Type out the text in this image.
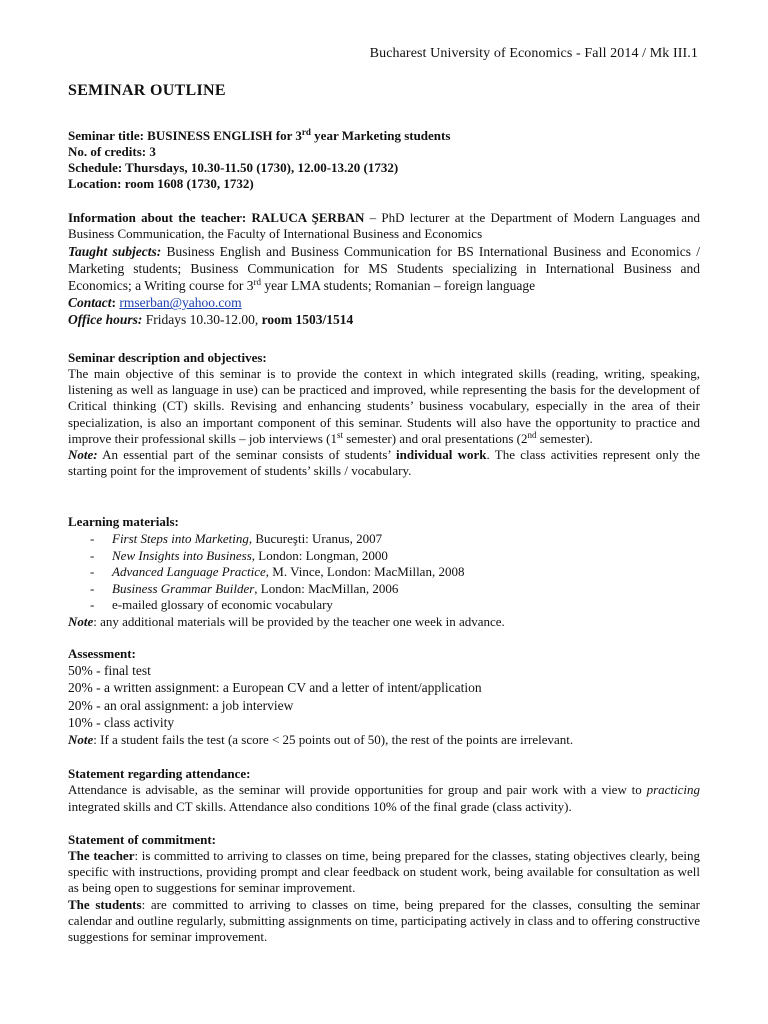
Bucharest University of Economics - Fall 2014 / Mk III.1
SEMINAR OUTLINE
Seminar title: BUSINESS ENGLISH for 3rd year Marketing students
No. of credits: 3
Schedule: Thursdays, 10.30-11.50 (1730), 12.00-13.20 (1732)
Location: room 1608 (1730, 1732)
Information about the teacher: RALUCA ŞERBAN – PhD lecturer at the Department of Modern Languages and Business Communication, the Faculty of International Business and Economics
Taught subjects: Business English and Business Communication for BS International Business and Economics / Marketing students; Business Communication for MS Students specializing in International Business and Economics; a Writing course for 3rd year LMA students; Romanian – foreign language
Contact: rmserban@yahoo.com
Office hours: Fridays 10.30-12.00, room 1503/1514
Seminar description and objectives:
The main objective of this seminar is to provide the context in which integrated skills (reading, writing, speaking, listening as well as language in use) can be practiced and improved, while representing the basis for the development of Critical thinking (CT) skills. Revising and enhancing students’ business vocabulary, especially in the area of their specialization, is also an important component of this seminar. Students will also have the opportunity to practice and improve their professional skills – job interviews (1st semester) and oral presentations (2nd semester).
Note: An essential part of the seminar consists of students’ individual work. The class activities represent only the starting point for the improvement of students’ skills / vocabulary.
Learning materials:
- First Steps into Marketing, Bucureşti: Uranus, 2007
- New Insights into Business, London: Longman, 2000
- Advanced Language Practice, M. Vince, London: MacMillan, 2008
- Business Grammar Builder, London: MacMillan, 2006
- e-mailed glossary of economic vocabulary
Note: any additional materials will be provided by the teacher one week in advance.
Assessment:
50% - final test
20% - a written assignment: a European CV and a letter of intent/application
20% - an oral assignment: a job interview
10% - class activity
Note: If a student fails the test (a score < 25 points out of 50), the rest of the points are irrelevant.
Statement regarding attendance:
Attendance is advisable, as the seminar will provide opportunities for group and pair work with a view to practicing integrated skills and CT skills. Attendance also conditions 10% of the final grade (class activity).
Statement of commitment:
The teacher: is committed to arriving to classes on time, being prepared for the classes, stating objectives clearly, being specific with instructions, providing prompt and clear feedback on student work, being available for consultation as well as being open to suggestions for seminar improvement.
The students: are committed to arriving to classes on time, being prepared for the classes, consulting the seminar calendar and outline regularly, submitting assignments on time, participating actively in class and to offering constructive suggestions for seminar improvement.
